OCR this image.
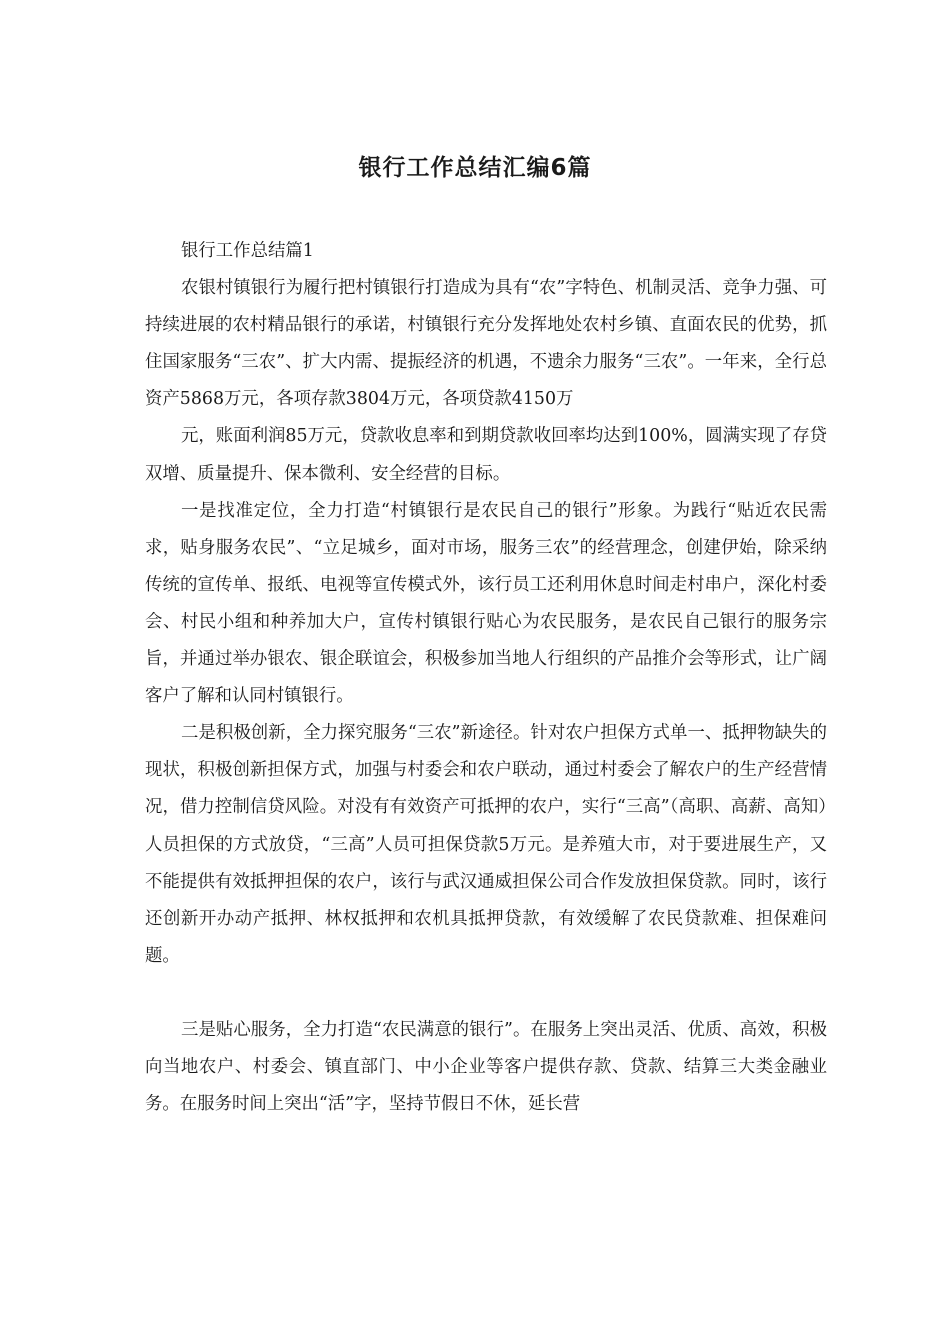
银行工作总结汇编6篇

银行工作总结篇1

农银村镇银行为履行把村镇银行打造成为具有“农”字特色、机制灵活、竞争力强、可持续进展的农村精品银行的承诺，村镇银行充分发挥地处农村乡镇、直面农民的优势，抓住国家服务“三农”、扩大内需、提振经济的机遇，不遗余力服务“三农”。一年来，全行总资产5868万元，各项存款3804万元，各项贷款4150万

元，账面利润85万元，贷款收息率和到期贷款收回率均达到100%，圆满实现了存贷双增、质量提升、保本微利、安全经营的目标。

一是找准定位，全力打造“村镇银行是农民自己的银行”形象。为践行“贴近农民需求，贴身服务农民”、“立足城乡，面对市场，服务三农”的经营理念，创建伊始，除采纳传统的宣传单、报纸、电视等宣传模式外，该行员工还利用休息时间走村串户，深化村委会、村民小组和种养加大户，宣传村镇银行贴心为农民服务，是农民自己银行的服务宗旨，并通过举办银农、银企联谊会，积极参加当地人行组织的产品推介会等形式，让广阔客户了解和认同村镇银行。

二是积极创新，全力探究服务“三农”新途径。针对农户担保方式单一、抵押物缺失的现状，积极创新担保方式，加强与村委会和农户联动，通过村委会了解农户的生产经营情况，借力控制信贷风险。对没有有效资产可抵押的农户，实行“三高”（高职、高薪、高知）人员担保的方式放贷，“三高”人员可担保贷款5万元。是养殖大市，对于要进展生产，又不能提供有效抵押担保的农户，该行与武汉通威担保公司合作发放担保贷款。同时，该行还创新开办动产抵押、林权抵押和农机具抵押贷款，有效缓解了农民贷款难、担保难问题。

三是贴心服务，全力打造“农民满意的银行”。在服务上突出灵活、优质、高效，积极向当地农户、村委会、镇直部门、中小企业等客户提供存款、贷款、结算三大类金融业务。在服务时间上突出“活”字，坚持节假日不休，延长营
